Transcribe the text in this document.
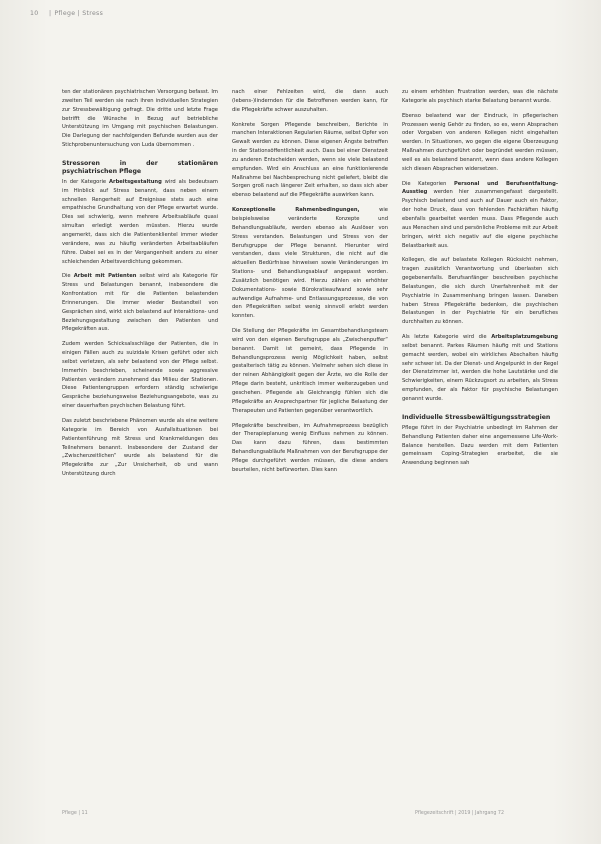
10 | Pflege | Stress

ten der stationären psychiatrischen Versorgung befasst. Im zweiten Teil werden sie nach ihren individuellen Strategien zur Stressbewältigung gefragt. Die dritte und letzte Frage betrifft die Wünsche in Bezug auf betriebliche Unterstützung im Umgang mit psychischen Belastungen. Die Darlegung der nachfolgenden Befunde wurden aus der Stichprobenuntersuchung von Luda übernommen .

Stressoren in der stationären psychiatrischen Pflege

In der Kategorie Arbeitsgestaltung wird als bedeutsam im Hinblick auf Stress benannt, dass neben einem schnellen Rengerheit auf Ereignisse stets auch eine empathische Grundhaltung von der Pflege erwartet wurde. Dies sei schwierig, wenn mehrere Arbeitsabläufe quasi simultan erledigt werden müssten. Hierzu wurde angemerkt, dass sich die Patientenklientel immer wieder verändere, was zu häufig veränderten Arbeitsabläufen führe. Dabei sei es in der Vergangenheit anders zu einer schleichenden Arbeitsverdichtung gekommen.

Die Arbeit mit Patienten selbst wird als Kategorie für Stress und Belastungen benannt, insbesondere die Konfrontation mit für die Patienten belastenden Erinnerungen. Die immer wieder Bestandteil von Gesprächen sind, wirkt sich belastend auf Interaktions- und Beziehungsgestaltung zwischen den Patienten und Pflegekräften aus.

Zudem werden Schicksalsschläge der Patienten, die in einigen Fällen auch zu suizidale Krisen geführt oder sich selbst verletzen, als sehr belastend von der Pflege selbst. Immerhin beschrieben, scheinende sowie aggressive Patienten verändern zunehmend das Milieu der Stationen. Diese Patientengruppen erfordern ständig schwierige Gespräche beziehungsweise Beziehungsangebote, was zu einer dauerhaften psychischen Belastung führt.

Das zuletzt beschriebene Phänomen wurde als eine weitere Kategorie im Bereich von Ausfallsituationen bei Patientenführung mit Stress und Krankmeldungen des Teilnehmers benannt. Insbesondere der Zustand der „Zwischenzeitlichen“ wurde als belastend für die Pflegekräfte zur „Zur Unsicherheit, ob und wann Unterstützung durch

nach einer Fehlzeiten wird, die dann auch (lebens-)lindernden für die Betroffenen werden kann, für die Pflegekräfte schwer auszuhalten.

Konkrete Sorgen Pflegende beschreiben, Berichte in manchen Interaktionen Regularien Räume, selbst Opfer von Gewalt werden zu können. Diese eigenen Ängste betreffen in der Stationsöffentlichkeit auch. Dass bei einer Dienstzeit zu anderen Entscheiden werden, wenn sie viele belastend empfunden. Wird ein Anschluss an eine funktionierende Maßnahme bei Nachbesprechung nicht geliefert, bleibt die Sorgen groß nach längerer Zeit erhalten, so dass sich aber ebenso belastend auf die Pflegekräfte auswirken kann.

Konzeptionelle Rahmenbedingungen, wie beispielsweise veränderte Konzepte und Behandlungsabläufe, werden ebenso als Auslöser von Stress verstanden. Belastungen und Stress von der Berufsgruppe der Pflege benannt. Hierunter wird verstanden, dass viele Strukturen, die nicht auf die aktuellen Bedürfnisse hinweisen sowie Veränderungen im Stations- und Behandlungsablauf angepasst worden. Zusätzlich benötigen wird. Hierzu zählen ein erhöhter Dokumentations- sowie Bürokratieaufwand sowie sehr aufwendige Aufnahme- und Entlassungsprozesse, die von den Pflegekräften selbst wenig sinnvoll erlebt werden konnten.

Die Stellung der Pflegekräfte im Gesamtbehandlungsteam wird von den eigenen Berufsgruppe als „Zwischenpuffer“ benannt. Damit ist gemeint, dass Pflegende in Behandlungsprozess wenig Möglichkeit haben, selbst gestalterisch tätig zu können. Vielmehr sehen sich diese in der reinen Abhängigkeit gegen der Ärzte, wo die Rolle der Pflege darin besteht, unkritisch immer weiterzugeben und geschehen. Pflegende als Gleichrangig fühlen sich die Pflegekräfte an Ansprechpartner für jegliche Belastung der Therapeuten und Patienten gegenüber verantwortlich.

Pflegekräfte beschreiben, im Aufnahmeprozess bezüglich der Therapieplanung wenig Einfluss nehmen zu können. Das kann dazu führen, dass bestimmten Behandlungsabläufe Maßnahmen von der Berufsgruppe der Pflege durchgeführt werden müssen, die diese anders beurteilen, nicht befürworten. Dies kann

zu einem erhöhten Frustration werden, was die nächste Kategorie als psychisch starke Belastung benannt wurde.

Ebenso belastend war der Eindruck, in pflegerischen Prozessen wenig Gehör zu finden, so es, wenn Absprachen oder Vorgaben von anderen Kollegen nicht eingehalten werden. In Situationen, wo gegen die eigene Überzeugung Maßnahmen durchgeführt oder begründet werden müssen, weil es als belastend benannt, wenn dass andere Kollegen sich diesen Absprachen widersetzen.

Die Kategorien Personal und Berufsentfaltung-Ausstieg werden hier zusammengefasst dargestellt. Psychisch belastend und auch auf Dauer auch ein Faktor, der hohe Druck, dass von fehlenden Fachkräften häufig ebenfalls gearbeitet werden muss. Dass Pflegende auch aus Menschen sind und persönliche Probleme mit zur Arbeit bringen, wirkt sich negativ auf die eigene psychische Belastbarkeit aus.

Kollegen, die auf belastete Kollegen Rücksicht nehmen, tragen zusätzlich Verantwortung und überlasten sich gegebenenfalls. Berufsanfänger beschreiben psychische Belastungen, die sich durch Unerfahrenheit mit der Psychiatrie in Zusammenhang bringen lassen. Daneben haben Stress Pflegekräfte bedenken, die psychischen Belastungen in der Psychiatrie für ein berufliches durchhalten zu können.

Als letzte Kategorie wird die Arbeitsplatzumgebung selbst benannt. Parkes Räumen häufig mit und Stations gemacht werden, wobei ein wirkliches Abschalten häufig sehr schwer ist. Da der Dienst- und Angelpunkt in der Regel der Dienstzimmer ist, werden die hohe Lautstärke und die Schwierigkeiten, einem Rückzugsort zu arbeiten, als Stress empfunden, der als Faktor für psychische Belastungen genannt wurde.

Individuelle Stressbewältigungsstrategien

Pflege führt in der Psychiatrie unbedingt im Rahmen der Behandlung Patienten daher eine angemessene Life-Work-Balance herstellen. Dazu werden mit dem Patienten gemeinsam Coping-Strategien erarbeitet, die sie Anwendung beginnen sah

Pflege | 11	Pflegezeitschrift | 2019 | Jahrgang 72
